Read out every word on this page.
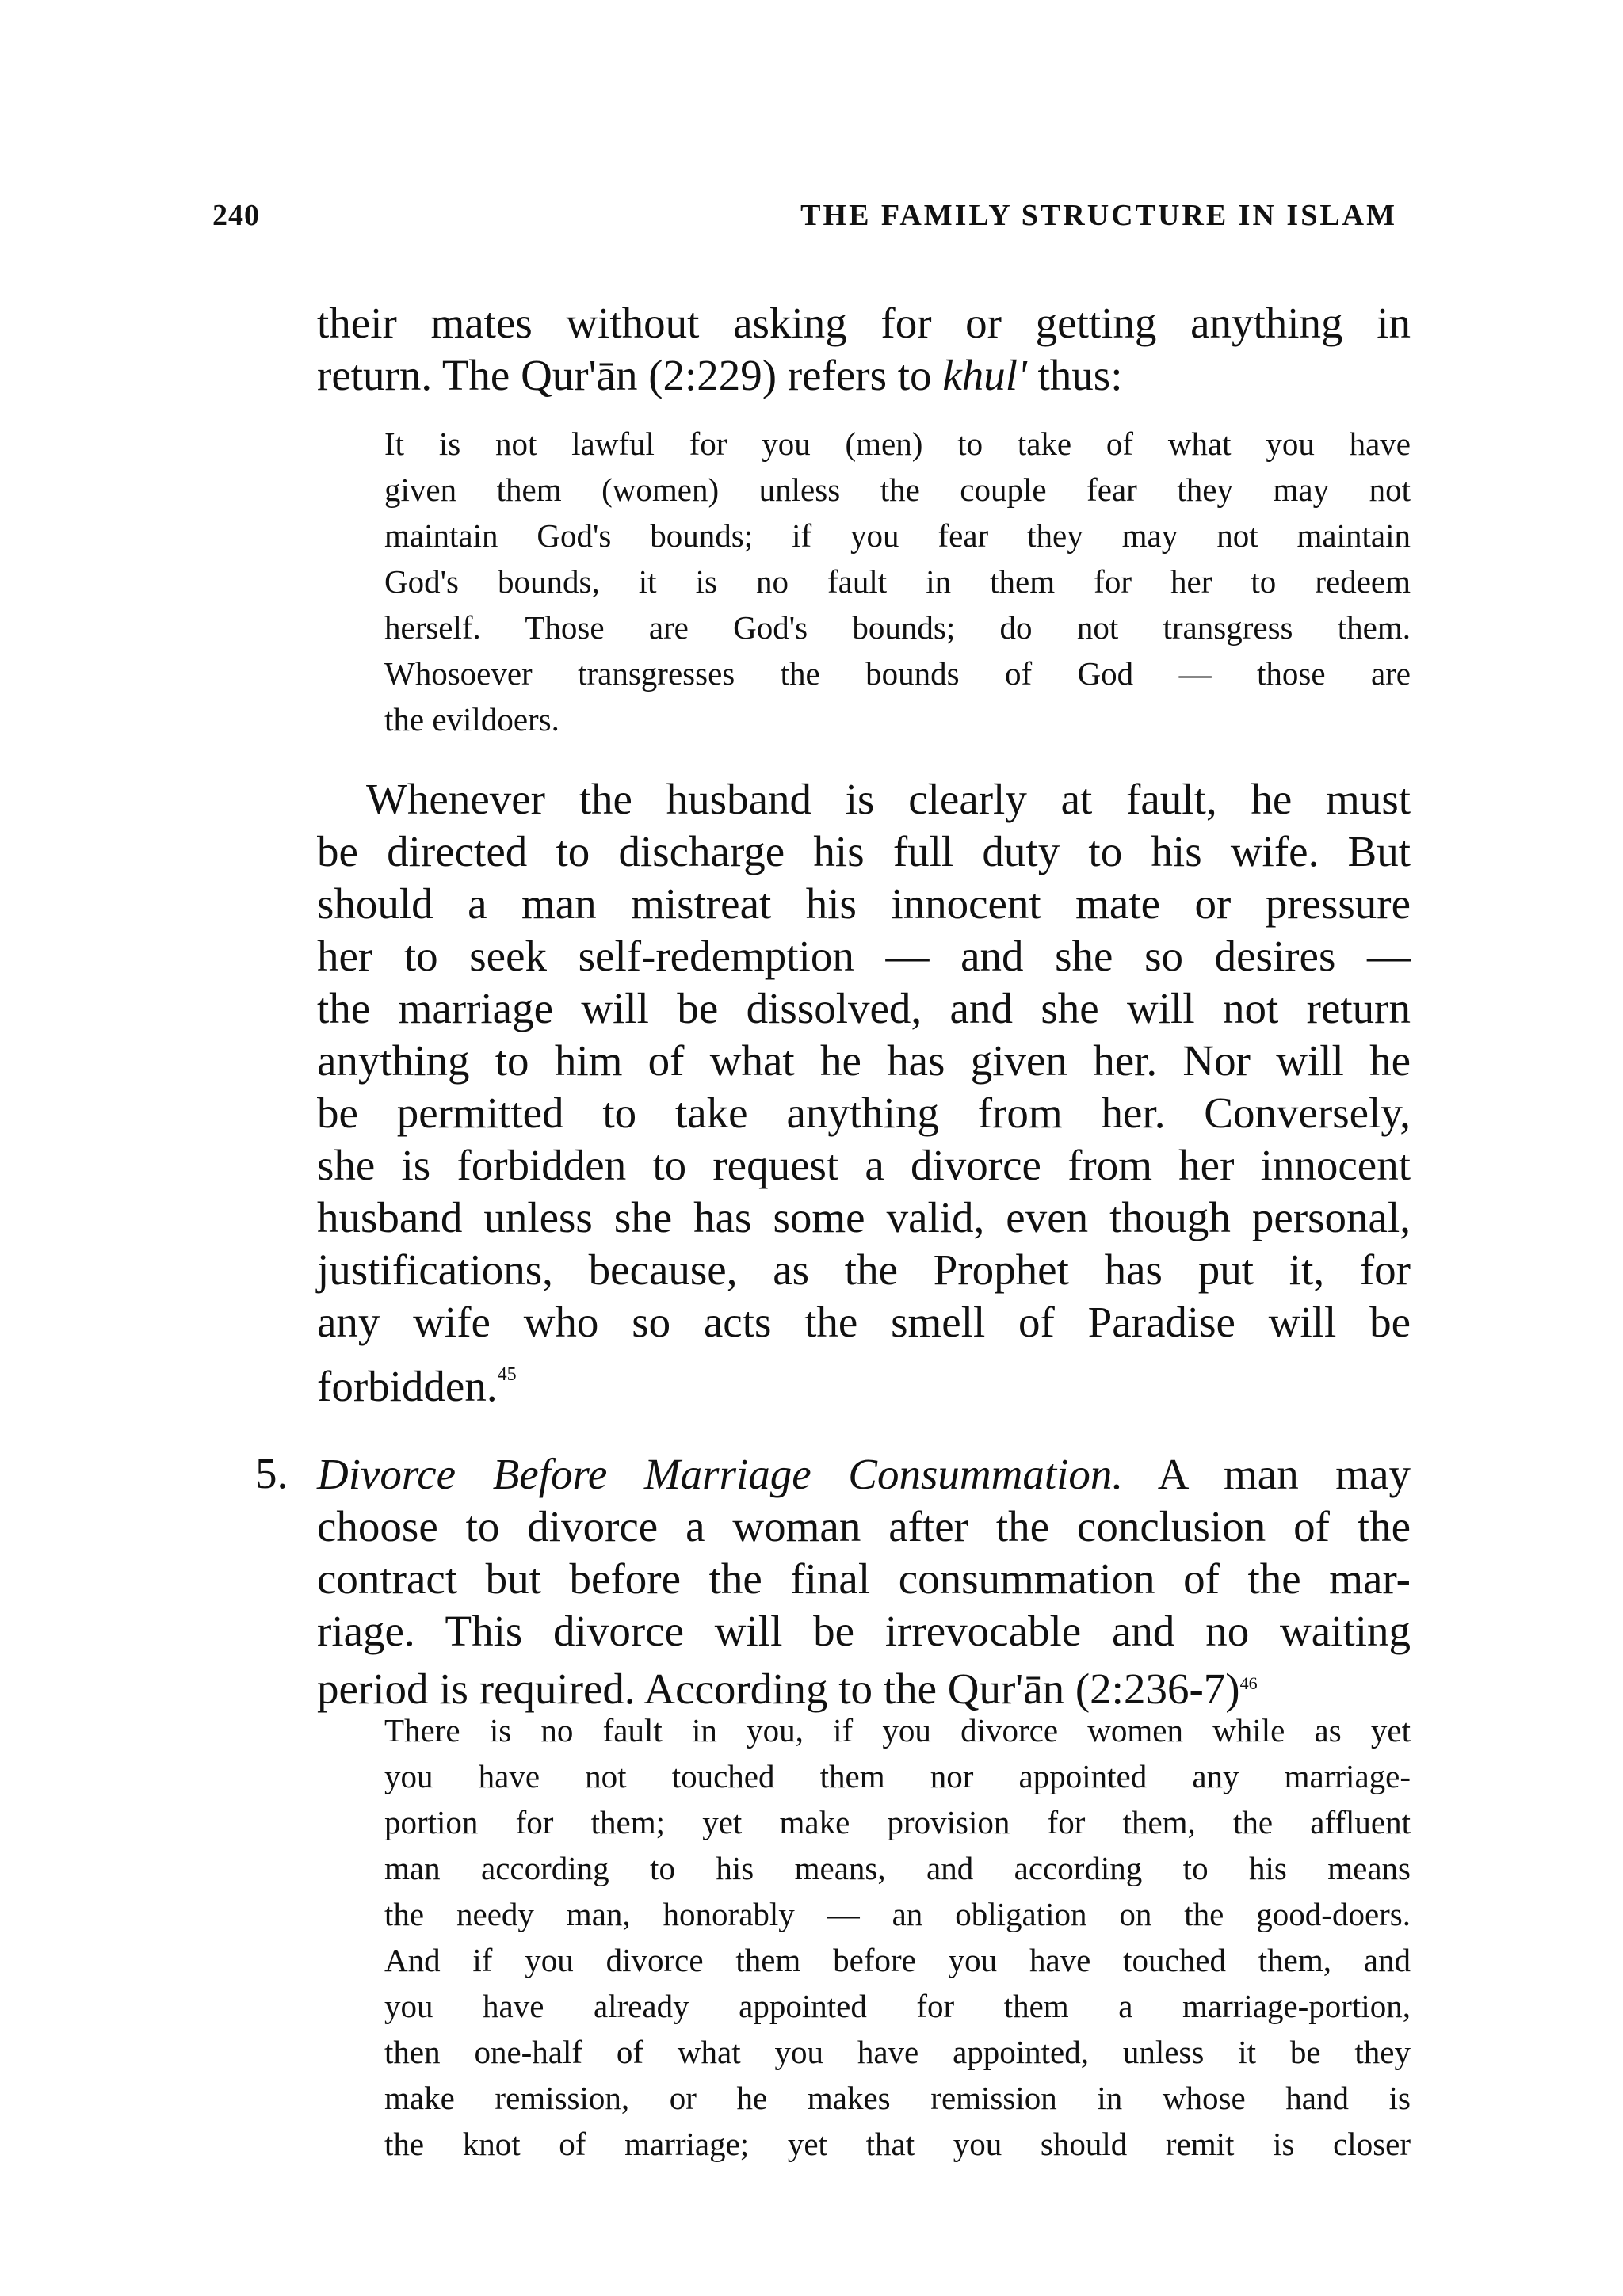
240	THE FAMILY STRUCTURE IN ISLAM
their mates without asking for or getting anything in
return. The Qur'ān (2:229) refers to khul' thus:
It is not lawful for you (men) to take of what you have
given them (women) unless the couple fear they may not
maintain God's bounds; if you fear they may not maintain
God's bounds, it is no fault in them for her to redeem
herself. Those are God's bounds; do not transgress them.
Whosoever transgresses the bounds of God — those are
the evildoers.
Whenever the husband is clearly at fault, he must
be directed to discharge his full duty to his wife. But
should a man mistreat his innocent mate or pressure
her to seek self-redemption — and she so desires —
the marriage will be dissolved, and she will not return
anything to him of what he has given her. Nor will he
be permitted to take anything from her. Conversely,
she is forbidden to request a divorce from her innocent
husband unless she has some valid, even though personal,
justifications, because, as the Prophet has put it, for
any wife who so acts the smell of Paradise will be
forbidden.$^{45}$
5. Divorce Before Marriage Consummation. A man may
choose to divorce a woman after the conclusion of the
contract but before the final consummation of the mar-
riage. This divorce will be irrevocable and no waiting
period is required. According to the Qur'ān (2:236-7)$^{46}$
There is no fault in you, if you divorce women while as yet
you have not touched them nor appointed any marriage-
portion for them; yet make provision for them, the affluent
man according to his means, and according to his means
the needy man, honorably — an obligation on the good-doers.
And if you divorce them before you have touched them, and
you have already appointed for them a marriage-portion,
then one-half of what you have appointed, unless it be they
make remission, or he makes remission in whose hand is
the knot of marriage; yet that you should remit is closer
